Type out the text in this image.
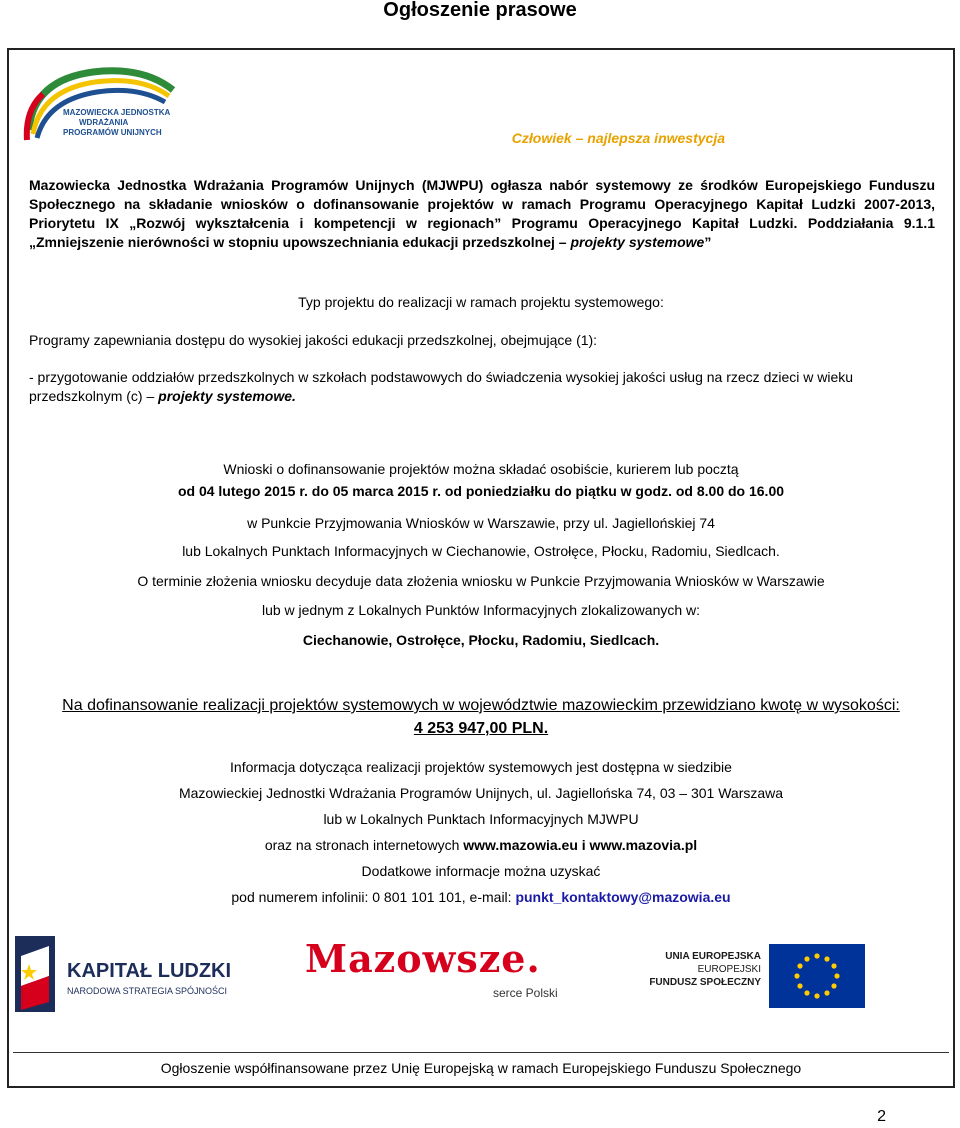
Ogłoszenie prasowe
MAZOWIECKA JEDNOSTKA
WDRAŻANIA
PROGRAMÓW UNIJNYCH	Człowiek – najlepsza inwestycja
Mazowiecka Jednostka Wdrażania Programów Unijnych (MJWPU) ogłasza nabór systemowy ze środków Europejskiego Funduszu Społecznego na składanie wniosków o dofinansowanie projektów w ramach Programu Operacyjnego Kapitał Ludzki 2007-2013, Priorytetu IX „Rozwój wykształcenia i kompetencji w regionach” Programu Operacyjnego Kapitał Ludzki. Poddziałania 9.1.1 „Zmniejszenie nierówności w stopniu upowszechniania edukacji przedszkolnej – projekty systemowe”
Typ projektu do realizacji w ramach projektu systemowego:
Programy zapewniania dostępu do wysokiej jakości edukacji przedszkolnej, obejmujące (1):
- przygotowanie oddziałów przedszkolnych w szkołach podstawowych do świadczenia wysokiej jakości usług na rzecz dzieci w wieku przedszkolnym (c) – projekty systemowe.
Wnioski o dofinansowanie projektów można składać osobiście, kurierem lub pocztą
od 04 lutego 2015 r. do 05 marca 2015 r. od poniedziałku do piątku w godz. od 8.00 do 16.00
w Punkcie Przyjmowania Wniosków w Warszawie, przy ul. Jagiellońskiej 74
lub Lokalnych Punktach Informacyjnych w Ciechanowie, Ostrołęce, Płocku, Radomiu, Siedlcach.
O terminie złożenia wniosku decyduje data złożenia wniosku w Punkcie Przyjmowania Wniosków w Warszawie
lub w jednym z Lokalnych Punktów Informacyjnych zlokalizowanych w:
Ciechanowie, Ostrołęce, Płocku, Radomiu, Siedlcach.
Na dofinansowanie realizacji projektów systemowych w województwie mazowieckim przewidziano kwotę w wysokości:
4 253 947,00 PLN.
Informacja dotycząca realizacji projektów systemowych jest dostępna w siedzibie
Mazowieckiej Jednostki Wdrażania Programów Unijnych, ul. Jagiellońska 74, 03 – 301 Warszawa
lub w Lokalnych Punktach Informacyjnych MJWPU
oraz na stronach internetowych www.mazowia.eu i www.mazovia.pl
Dodatkowe informacje można uzyskać
pod numerem infolinii: 0 801 101 101, e-mail: punkt_kontaktowy@mazowia.eu
KAPITAŁ LUDZKI
NARODOWA STRATEGIA SPÓJNOŚCI
Mazowsze.
serce Polski
UNIA EUROPEJSKA
EUROPEJSKI
FUNDUSZ SPOŁECZNY
Ogłoszenie współfinansowane przez Unię Europejską w ramach Europejskiego Funduszu Społecznego
2
